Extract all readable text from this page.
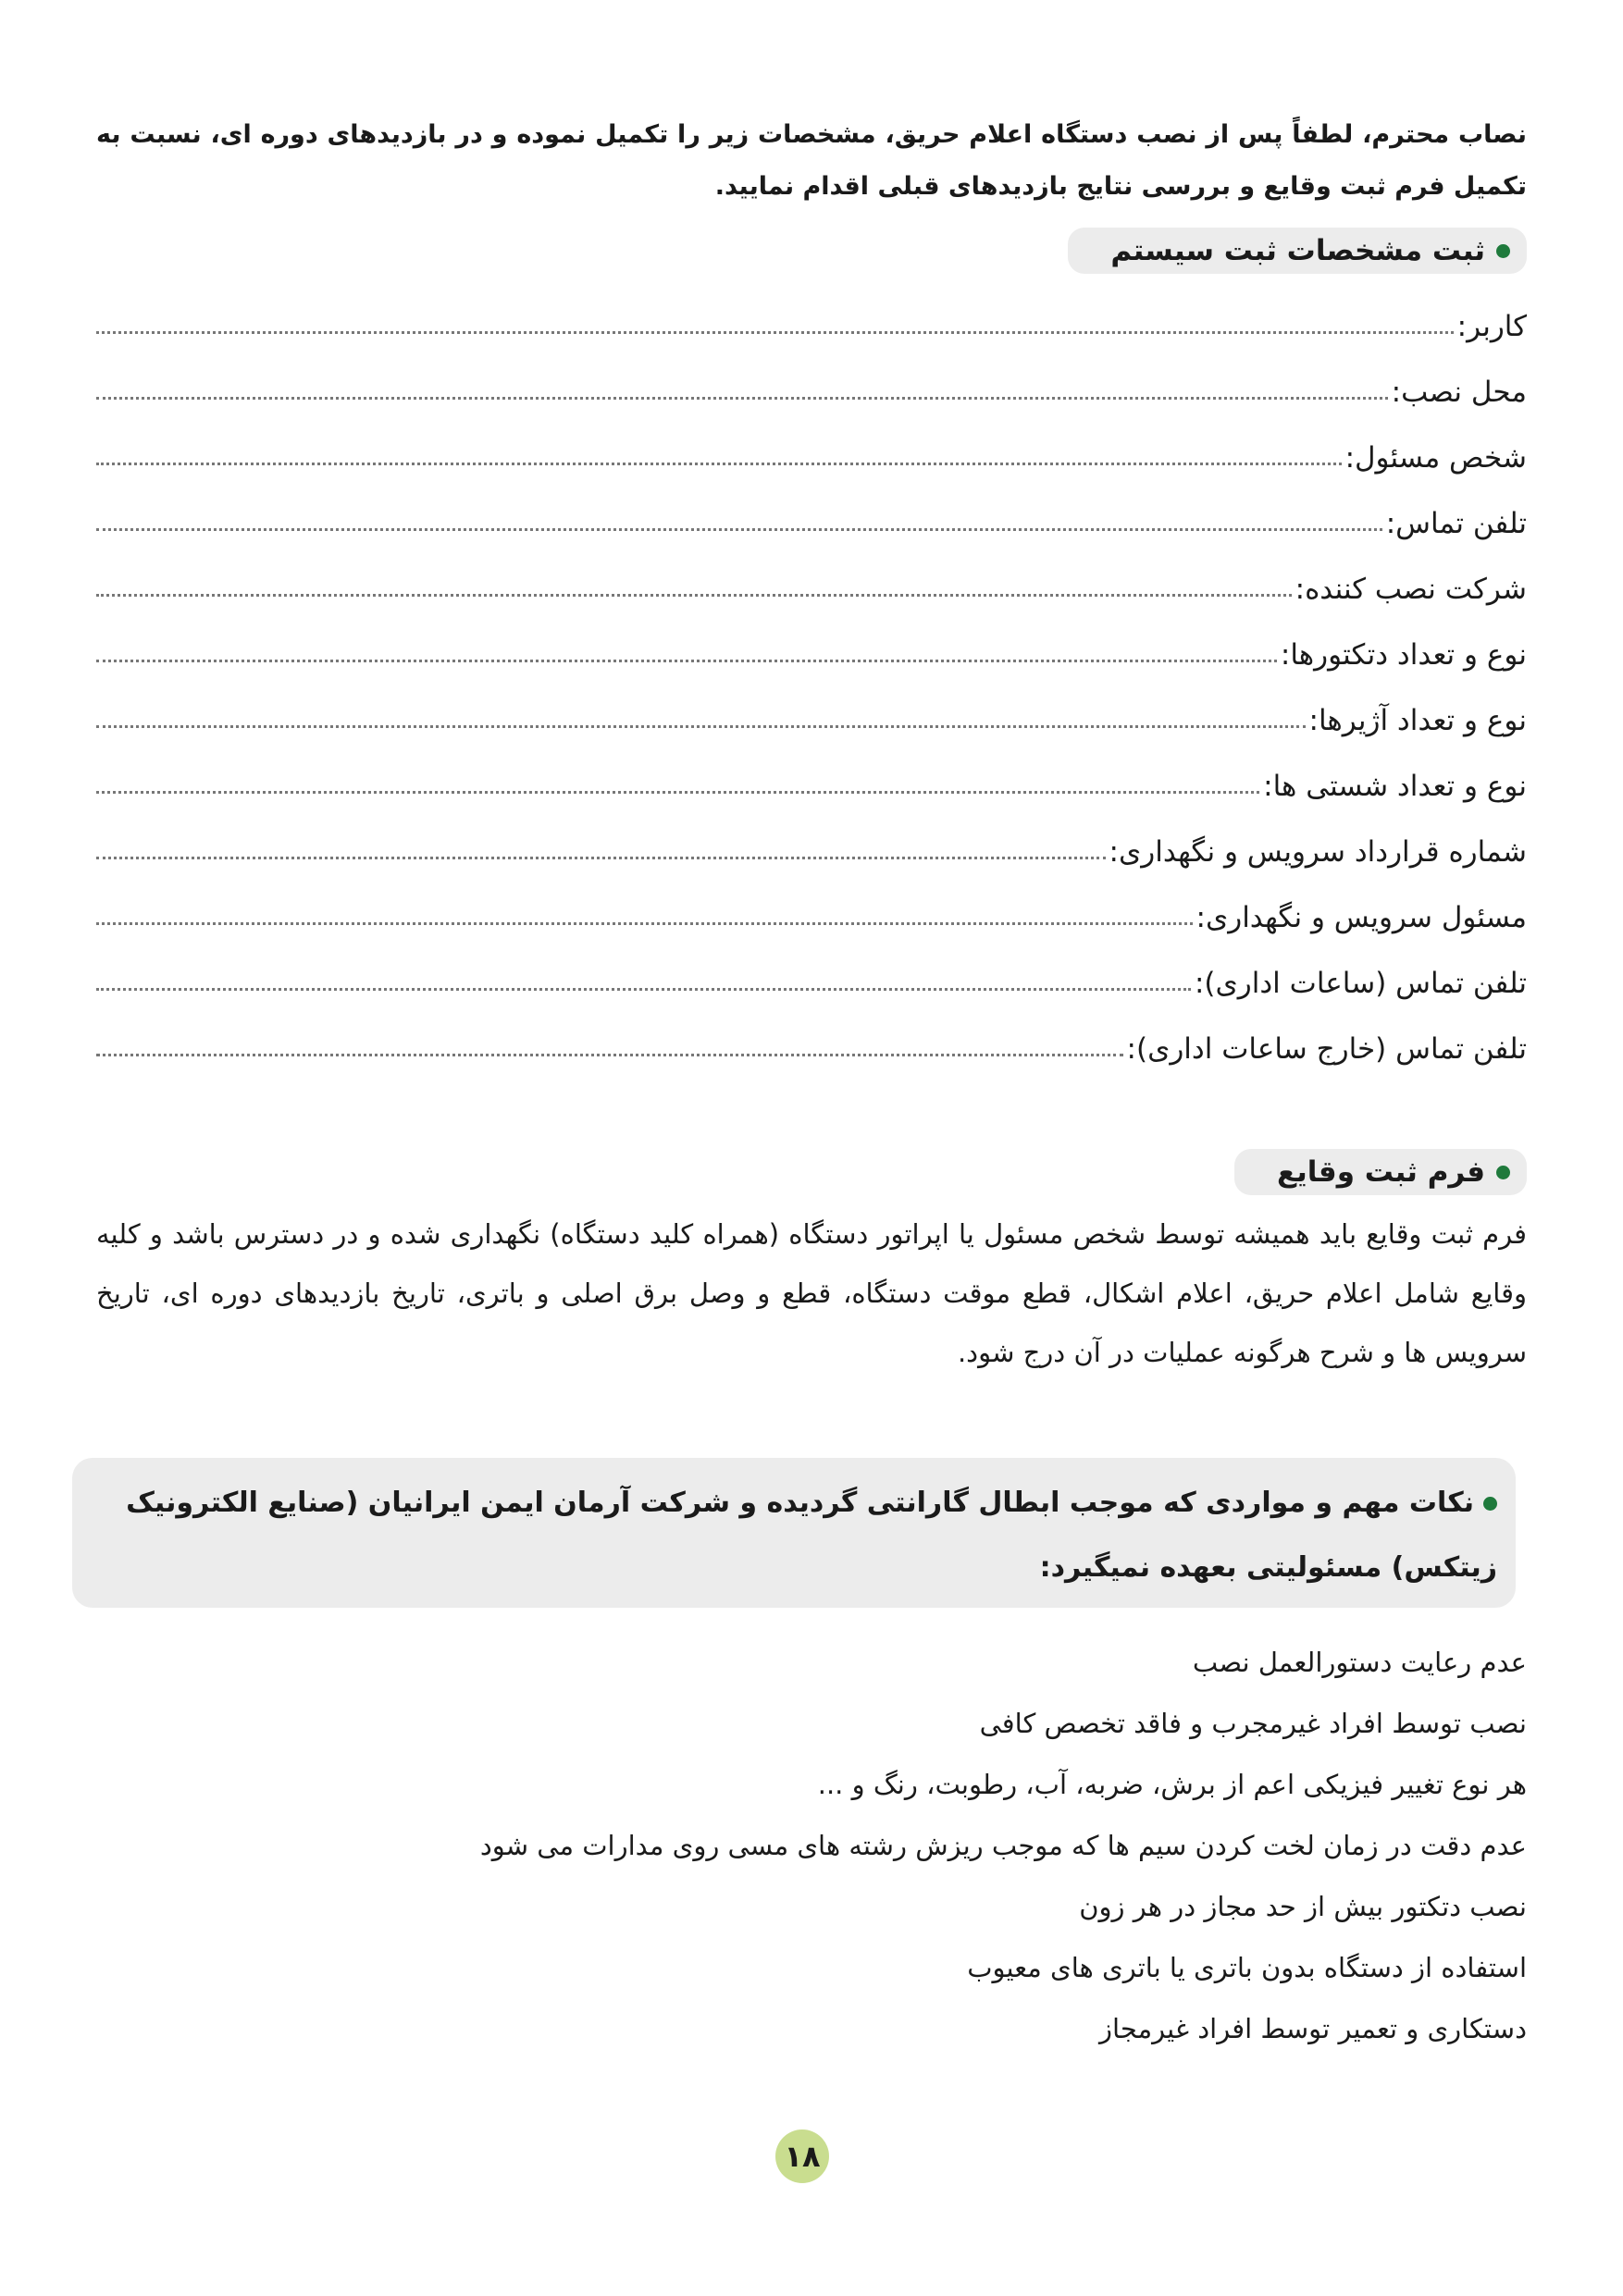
نصاب محترم، لطفاً پس از نصب دستگاه اعلام حریق، مشخصات زیر را تکمیل نموده و در بازدیدهای دوره ای، نسبت به تکمیل فرم ثبت وقایع و بررسی نتایج بازدیدهای قبلی اقدام نمایید.

ثبت مشخصات ثبت سیستم
کاربر:
محل نصب:
شخص مسئول:
تلفن تماس:
شرکت نصب کننده:
نوع و تعداد دتکتورها:
نوع و تعداد آژیرها:
نوع و تعداد شستی ها:
شماره قرارداد سرویس و نگهداری:
مسئول سرویس و نگهداری:
تلفن تماس (ساعات اداری):
تلفن تماس (خارج ساعات اداری):
فرم ثبت وقایع

فرم ثبت وقایع باید همیشه توسط شخص مسئول یا اپراتور دستگاه (همراه کلید دستگاه) نگهداری شده و در دسترس باشد و کلیه وقایع شامل اعلام حریق، اعلام اشکال، قطع موقت دستگاه، قطع و وصل برق اصلی و باتری، تاریخ بازدیدهای دوره ای، تاریخ سرویس ها و شرح هرگونه عملیات در آن درج شود.

نکات مهم و مواردی که موجب ابطال گارانتی گردیده و شرکت آرمان ایمن ایرانیان (صنایع الکترونیک زیتکس) مسئولیتی بعهده نمیگیرد:
عدم رعایت دستورالعمل نصب
نصب توسط افراد غیرمجرب و فاقد تخصص کافی
هر نوع تغییر فیزیکی اعم از برش، ضربه، آب، رطوبت، رنگ و ...
عدم دقت در زمان لخت کردن سیم ها که موجب ریزش رشته های مسی روی مدارات می شود
نصب دتکتور بیش از حد مجاز در هر زون
استفاده از دستگاه بدون باتری یا باتری های معیوب
دستکاری و تعمیر توسط افراد غیرمجاز
۱۸
